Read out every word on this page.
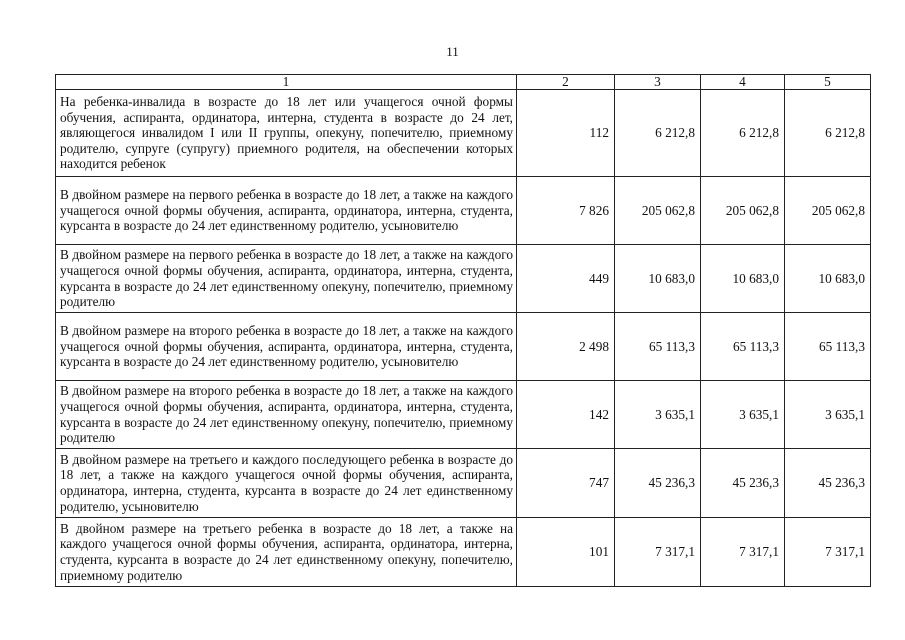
11
1	2	3	4	5
На ребенка-инвалида в возрасте до 18 лет или учащегося очной формы обучения, аспиранта, ординатора, интерна, студента в возрасте до 24 лет, являющегося инвалидом I или II группы, опекуну, попечителю, приемному родителю, супруге (супругу) приемного родителя, на обеспечении которых находится ребенок	112	6 212,8	6 212,8	6 212,8
В двойном размере на первого ребенка в возрасте до 18 лет, а также на каждого учащегося очной формы обучения, аспиранта, ординатора, интерна, студента, курсанта в возрасте до 24 лет единственному родителю, усыновителю	7 826	205 062,8	205 062,8	205 062,8
В двойном размере на первого ребенка в возрасте до 18 лет, а также на каждого учащегося очной формы обучения, аспиранта, ординатора, интерна, студента, курсанта в возрасте до 24 лет единственному опекуну, попечителю, приемному родителю	449	10 683,0	10 683,0	10 683,0
В двойном размере на второго ребенка в возрасте до 18 лет, а также на каждого учащегося очной формы обучения, аспиранта, ординатора, интерна, студента, курсанта в возрасте до 24 лет единственному родителю, усыновителю	2 498	65 113,3	65 113,3	65 113,3
В двойном размере на второго ребенка в возрасте до 18 лет, а также на каждого учащегося очной формы обучения, аспиранта, ординатора, интерна, студента, курсанта в возрасте до 24 лет единственному опекуну, попечителю, приемному родителю	142	3 635,1	3 635,1	3 635,1
В двойном размере на третьего и каждого последующего ребенка в возрасте до 18 лет, а также на каждого учащегося очной формы обучения, аспиранта, ординатора, интерна, студента, курсанта в возрасте до 24 лет единственному родителю, усыновителю	747	45 236,3	45 236,3	45 236,3
В двойном размере на третьего ребенка в возрасте до 18 лет, а также на каждого учащегося очной формы обучения, аспиранта, ординатора, интерна, студента, курсанта в возрасте до 24 лет единственному опекуну, попечителю, приемному родителю	101	7 317,1	7 317,1	7 317,1
